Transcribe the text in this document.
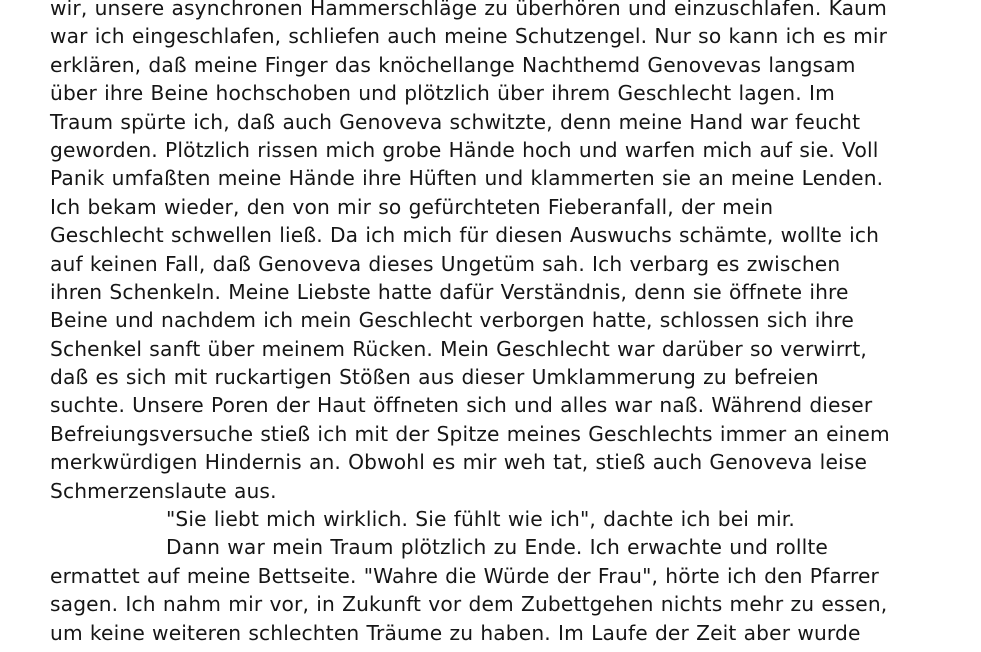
wir, unsere asynchronen Hammerschläge zu überhören und einzuschlafen. Kaum
war ich eingeschlafen, schliefen auch meine Schutzengel. Nur so kann ich es mir
erklären, daß meine Finger das knöchellange Nachthemd Genovevas langsam
über ihre Beine hochschoben und plötzlich über ihrem Geschlecht lagen. Im
Traum spürte ich, daß auch Genoveva schwitzte, denn meine Hand war feucht
geworden. Plötzlich rissen mich grobe Hände hoch und warfen mich auf sie. Voll
Panik umfaßten meine Hände ihre Hüften und klammerten sie an meine Lenden.
Ich bekam wieder, den von mir so gefürchteten Fieberanfall, der mein
Geschlecht schwellen ließ. Da ich mich für diesen Auswuchs schämte, wollte ich
auf keinen Fall, daß Genoveva dieses Ungetüm sah. Ich verbarg es zwischen
ihren Schenkeln. Meine Liebste hatte dafür Verständnis, denn sie öffnete ihre
Beine und nachdem ich mein Geschlecht verborgen hatte, schlossen sich ihre
Schenkel sanft über meinem Rücken. Mein Geschlecht war darüber so verwirrt,
daß es sich mit ruckartigen Stößen aus dieser Umklammerung zu befreien
suchte. Unsere Poren der Haut öffneten sich und alles war naß. Während dieser
Befreiungsversuche stieß ich mit der Spitze meines Geschlechts immer an einem
merkwürdigen Hindernis an. Obwohl es mir weh tat, stieß auch Genoveva leise
Schmerzenslaute aus.
"Sie liebt mich wirklich. Sie fühlt wie ich", dachte ich bei mir.
Dann war mein Traum plötzlich zu Ende. Ich erwachte und rollte
ermattet auf meine Bettseite. "Wahre die Würde der Frau", hörte ich den Pfarrer
sagen. Ich nahm mir vor, in Zukunft vor dem Zubettgehen nichts mehr zu essen,
um keine weiteren schlechten Träume zu haben. Im Laufe der Zeit aber wurde
